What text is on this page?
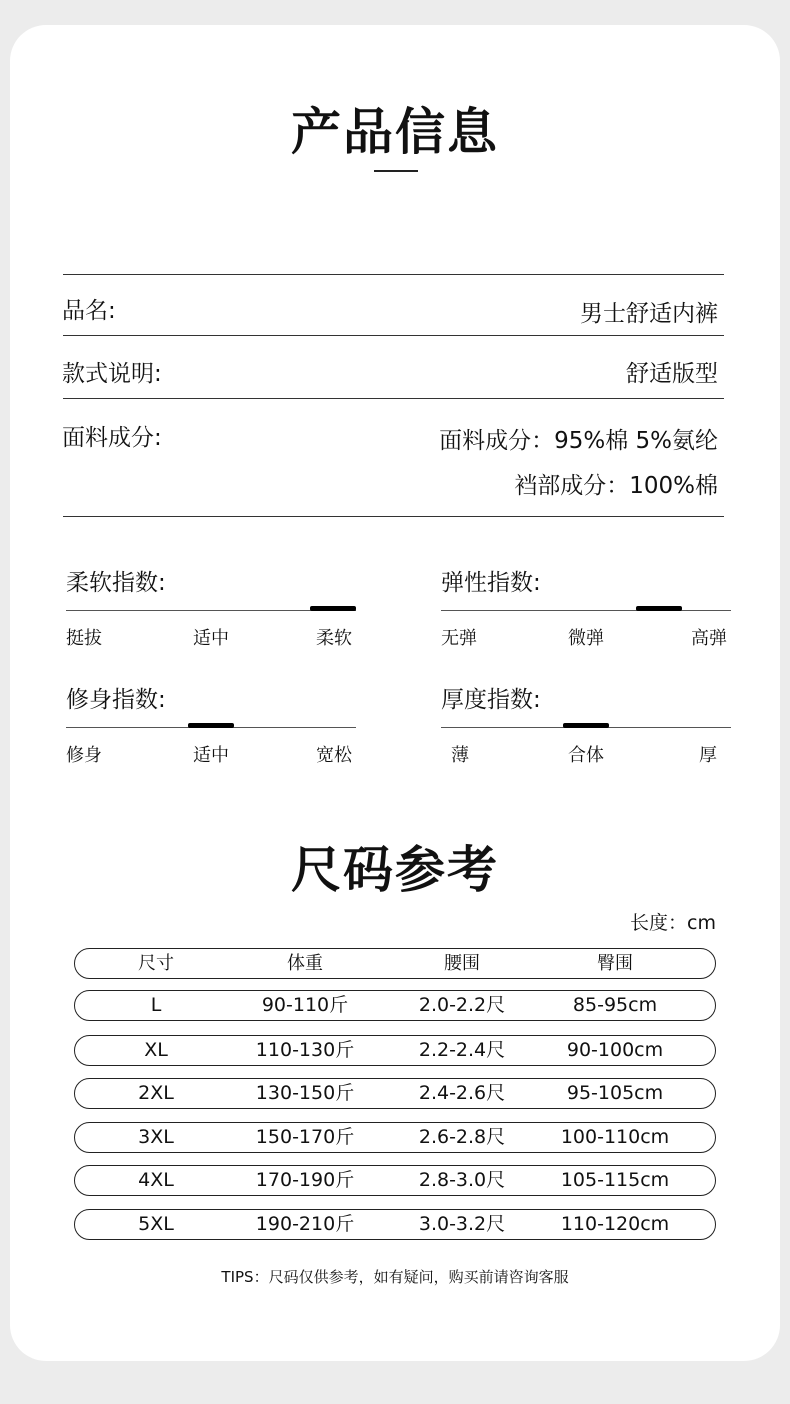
产品信息
品名:	男士舒适内裤
款式说明:	舒适版型
面料成分:	面料成分：95%棉 5%氨纶
裆部成分：100%棉
柔软指数:
挺拔	适中	柔软
弹性指数:
无弹	微弹	高弹
修身指数:
修身	适中	宽松
厚度指数:
薄	合体	厚
尺码参考
长度：cm
尺寸	体重	腰围	臀围
L	90-110斤	2.0-2.2尺	85-95cm
XL	110-130斤	2.2-2.4尺	90-100cm
2XL	130-150斤	2.4-2.6尺	95-105cm
3XL	150-170斤	2.6-2.8尺	100-110cm
4XL	170-190斤	2.8-3.0尺	105-115cm
5XL	190-210斤	3.0-3.2尺	110-120cm
TIPS：尺码仅供参考，如有疑问，购买前请咨询客服
